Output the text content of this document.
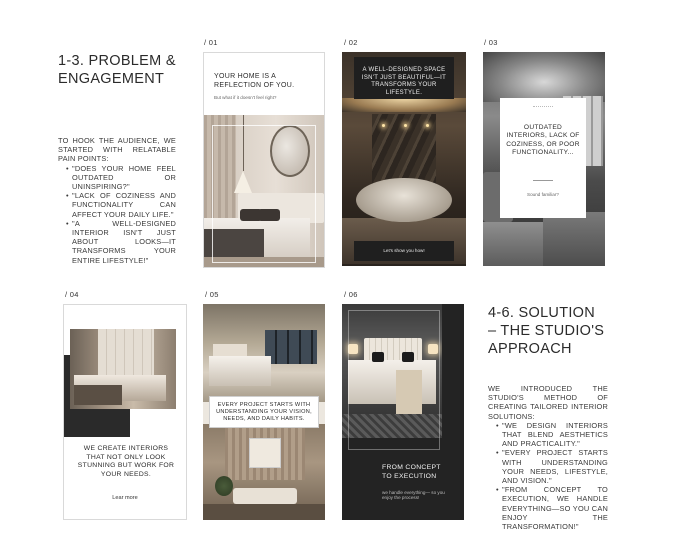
1-3. PROBLEM &
ENGAGEMENT
TO HOOK THE AUDIENCE, WE STARTED WITH RELATABLE PAIN POINTS:
• "DOES YOUR HOME FEEL OUTDATED OR UNINSPIRING?"
• "LACK OF COZINESS AND FUNCTIONALITY CAN AFFECT YOUR DAILY LIFE."
• "A WELL-DESIGNED INTERIOR ISN'T JUST ABOUT LOOKS—IT TRANSFORMS YOUR ENTIRE LIFESTYLE!"
4-6. SOLUTION
– THE STUDIO'S
APPROACH
WE INTRODUCED THE STUDIO'S METHOD OF CREATING TAILORED INTERIOR SOLUTIONS:
• "WE DESIGN INTERIORS THAT BLEND AESTHETICS AND PRACTICALITY."
• "EVERY PROJECT STARTS WITH UNDERSTANDING YOUR NEEDS, LIFESTYLE, AND VISION."
• "FROM CONCEPT TO EXECUTION, WE HANDLE EVERYTHING—SO YOU CAN ENJOY THE TRANSFORMATION!"
/ 01
YOUR HOME IS A REFLECTION OF YOU.
But what if it doesn't feel right?
/ 02
A WELL-DESIGNED SPACE ISN'T JUST BEAUTIFUL—IT TRANSFORMS YOUR LIFESTYLE.
Let's show you how!
/ 03
OUTDATED INTERIORS, LACK OF COZINESS, OR POOR FUNCTIONALITY...
Sound familiar?
/ 04
WE CREATE INTERIORS THAT NOT ONLY LOOK STUNNING BUT WORK FOR YOUR NEEDS.
Lear more
/ 05
EVERY PROJECT STARTS WITH UNDERSTANDING YOUR VISION, NEEDS, AND DAILY HABITS.
/ 06
FROM CONCEPT TO EXECUTION
we handle everything— so you enjoy the process!
